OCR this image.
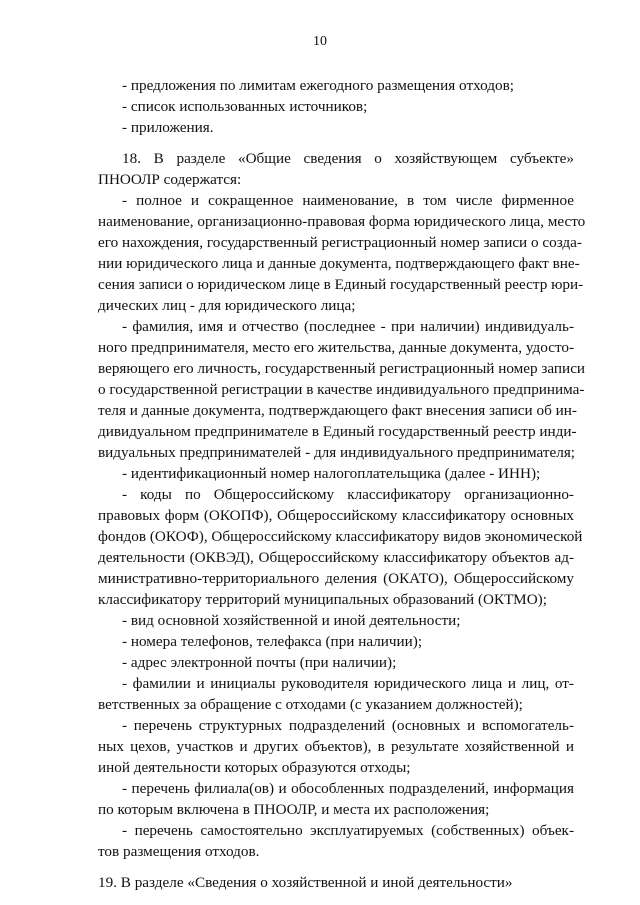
10
- предложения по лимитам ежегодного размещения отходов;
- список использованных источников;
- приложения.
18. В разделе «Общие сведения о хозяйствующем субъекте»
ПНООЛР содержатся:
- полное и сокращенное наименование, в том числе фирменное
наименование, организационно-правовая форма юридического лица, место
его нахождения, государственный регистрационный номер записи о созда-
нии юридического лица и данные документа, подтверждающего факт вне-
сения записи о юридическом лице в Единый государственный реестр юри-
дических лиц - для юридического лица;
- фамилия, имя и отчество (последнее - при наличии) индивидуаль-
ного предпринимателя, место его жительства, данные документа, удосто-
веряющего его личность, государственный регистрационный номер записи
о государственной регистрации в качестве индивидуального предпринима-
теля и данные документа, подтверждающего факт внесения записи об ин-
дивидуальном предпринимателе в Единый государственный реестр инди-
видуальных предпринимателей - для индивидуального предпринимателя;
- идентификационный номер налогоплательщика (далее - ИНН);
- коды по Общероссийскому классификатору организационно-
правовых форм (ОКОПФ), Общероссийскому классификатору основных
фондов (ОКОФ), Общероссийскому классификатору видов экономической
деятельности (ОКВЭД), Общероссийскому классификатору объектов ад-
министративно-территориального деления (ОКАТО), Общероссийскому
классификатору территорий муниципальных образований (ОКТМО);
- вид основной хозяйственной и иной деятельности;
- номера телефонов, телефакса (при наличии);
- адрес электронной почты (при наличии);
- фамилии и инициалы руководителя юридического лица и лиц, от-
ветственных за обращение с отходами (с указанием должностей);
- перечень структурных подразделений (основных и вспомогатель-
ных цехов, участков и других объектов), в результате хозяйственной и
иной деятельности которых образуются отходы;
- перечень филиала(ов) и обособленных подразделений, информация
по которым включена в ПНООЛР, и места их расположения;
- перечень самостоятельно эксплуатируемых (собственных) объек-
тов размещения отходов.
19. В разделе «Сведения о хозяйственной и иной деятельности»
